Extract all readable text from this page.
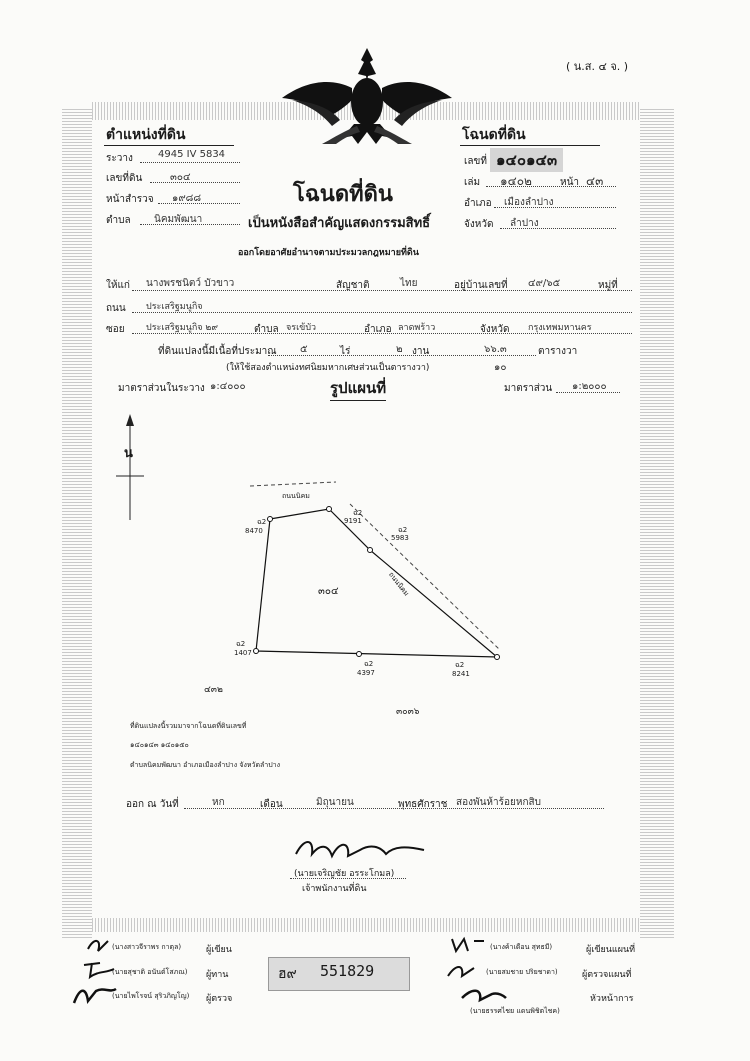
( น.ส. ๔ จ. )
ตำแหน่งที่ดิน	โฉนดที่ดิน
ระวาง	4945 IV 5834
เลขที่ดิน	๓๐๔
หน้าสำรวจ ๑๙๘๘
ตำบล นิคมพัฒนา
เลขที่ ๑๔๐๑๔๓
เล่ม ๑๔๐๒	หน้า ๔๓
อำเภอ เมืองลำปาง
จังหวัด ลำปาง
โฉนดที่ดิน
เป็นหนังสือสำคัญแสดงกรรมสิทธิ์
ออกโดยอาศัยอำนาจตามประมวลกฎหมายที่ดิน
ให้แก่ นางพรชนิตว์ บัวขาว	สัญชาติ	ไทย	อยู่บ้านเลขที่ ๔๙/๖๕	หมู่ที่
ถนน ประเสริฐมนูกิจ
ซอย ประเสริฐมนูกิจ ๒๙	ตำบล จรเข้บัว	อำเภอ ลาดพร้าว	จังหวัด กรุงเทพมหานคร
ที่ดินแปลงนี้มีเนื้อที่ประมาณ ๕	ไร่	๒ งาน	๖๖.๓	ตารางวา
(ให้ใช้สองตำแหน่งทศนิยมหากเศษส่วนเป็นตารางวา)	๑๐
มาตราส่วนในระวาง ๑:๔๐๐๐	รูปแผนที่	มาตราส่วน ๑:๒๐๐๐
น
ถนนนิคม
ถนนนิคม
๓๐๔
ฉ2
8470
ฉ2
9191
ฉ2
5983
ฉ2
1407
ฉ2
4397
ฉ2
8241
๔๓๒
๓๐๓๖
ที่ดินแปลงนี้รวมมาจากโฉนดที่ดินเลขที่
๑๔๐๑๔๓ ๑๔๐๑๕๐
ตำบลนิคมพัฒนา อำเภอเมืองลำปาง จังหวัดลำปาง
ออก ณ วันที่	หก	เดือน	มิถุนายน	พุทธศักราช สองพันห้าร้อยหกสิบ
(นายเจริญชัย อรระโกมล)
เจ้าพนักงานที่ดิน
(นางสาวจีราพร กาตุล)	ผู้เขียน
(นายสุชาติ อนันต์โสภณ) ผู้ทาน
(นายไพโรจน์ สุริวภิญโญ) ผู้ตรวจ
ฮ๙ 551829
(นางค้าเดือน สุทธมี)	ผู้เขียนแผนที่
(นายสมชาย ปริยชาดา)	ผู้ตรวจแผนที่
(นายธรรศไชย แดนพิชิตไชค)
หัวหน้าการ
